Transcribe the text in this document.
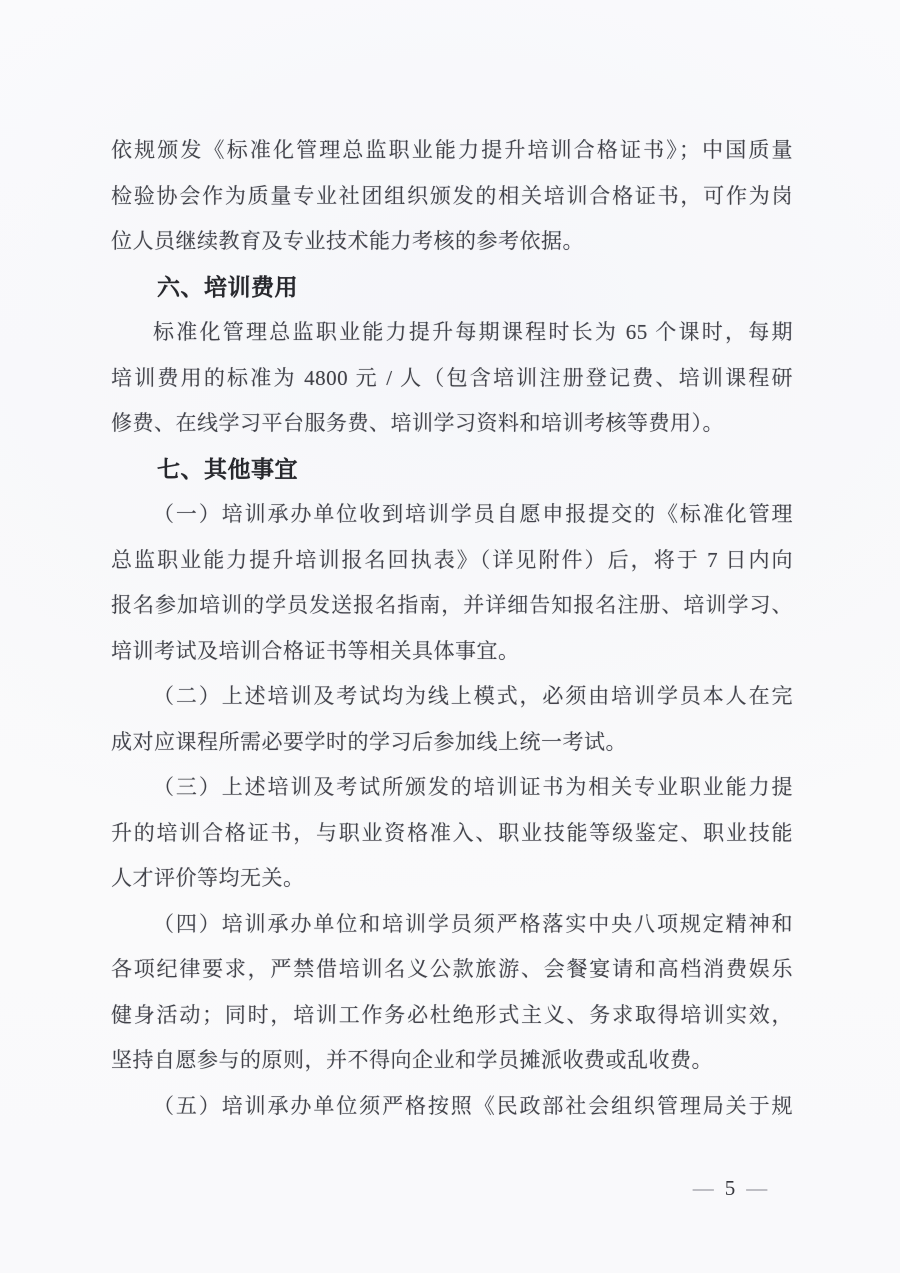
依规颁发《标准化管理总监职业能力提升培训合格证书》；中国质量
检验协会作为质量专业社团组织颁发的相关培训合格证书，可作为岗
位人员继续教育及专业技术能力考核的参考依据。
六、培训费用
标准化管理总监职业能力提升每期课程时长为 65 个课时，每期
培训费用的标准为 4800 元 / 人（包含培训注册登记费、培训课程研
修费、在线学习平台服务费、培训学习资料和培训考核等费用）。
七、其他事宜
（一）培训承办单位收到培训学员自愿申报提交的《标准化管理
总监职业能力提升培训报名回执表》（详见附件）后，将于 7 日内向
报名参加培训的学员发送报名指南，并详细告知报名注册、培训学习、
培训考试及培训合格证书等相关具体事宜。
（二）上述培训及考试均为线上模式，必须由培训学员本人在完
成对应课程所需必要学时的学习后参加线上统一考试。
（三）上述培训及考试所颁发的培训证书为相关专业职业能力提
升的培训合格证书，与职业资格准入、职业技能等级鉴定、职业技能
人才评价等均无关。
（四）培训承办单位和培训学员须严格落实中央八项规定精神和
各项纪律要求，严禁借培训名义公款旅游、会餐宴请和高档消费娱乐
健身活动；同时，培训工作务必杜绝形式主义、务求取得培训实效，
坚持自愿参与的原则，并不得向企业和学员摊派收费或乱收费。
（五）培训承办单位须严格按照《民政部社会组织管理局关于规
— 5 —
